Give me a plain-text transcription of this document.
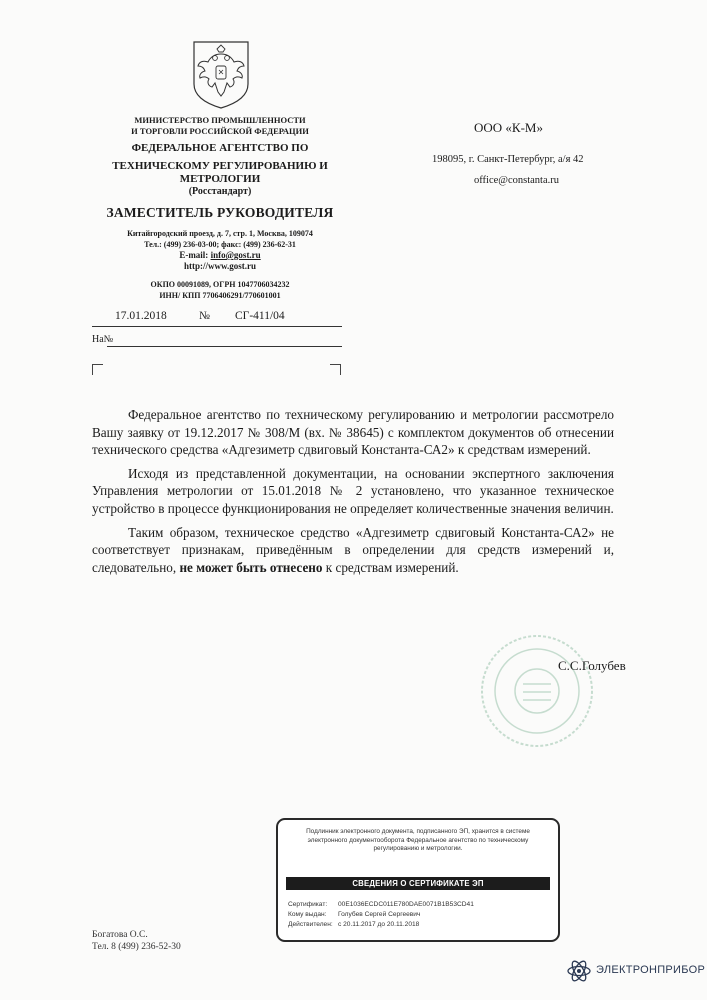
МИНИСТЕРСТВО ПРОМЫШЛЕННОСТИ
И ТОРГОВЛИ РОССИЙСКОЙ ФЕДЕРАЦИИ
ФЕДЕРАЛЬНОЕ АГЕНТСТВО ПО
ТЕХНИЧЕСКОМУ РЕГУЛИРОВАНИЮ И
МЕТРОЛОГИИ
(Росстандарт)
ЗАМЕСТИТЕЛЬ РУКОВОДИТЕЛЯ
Китайгородский проезд, д. 7, стр. 1, Москва, 109074
Тел.: (499) 236-03-00; факс: (499) 236-62-31
E-mail: info@gost.ru
http://www.gost.ru
ОКПО 00091089, ОГРН 1047706034232
ИНН/ КПП 7706406291/770601001
17.01.2018	№ СГ-411/04
На№
ООО «К-М»
198095, г. Санкт-Петербург, а/я 42
office@constanta.ru

Федеральное агентство по техническому регулированию и метрологии рассмотрело Вашу заявку от 19.12.2017 № 308/М (вх. № 38645) с комплектом документов об отнесении технического средства «Адгезиметр сдвиговый Константа-СА2» к средствам измерений.

Исходя из представленной документации, на основании экспертного заключения Управления метрологии от 15.01.2018 № 2 установлено, что указанное техническое устройство в процессе функционирования не определяет количественные значения величин.

Таким образом, техническое средство «Адгезиметр сдвиговый Константа-СА2» не соответствует признакам, приведённым в определении для средств измерений и, следовательно, не может быть отнесено к средствам измерений.

С.С.Голубев
Подлинник электронного документа, подписанного ЭП, хранится в системе электронного документооборота Федеральное агентство по техническому регулированию и метрологии.
СВЕДЕНИЯ О СЕРТИФИКАТЕ ЭП
Сертификат: 00E1036ECDC011E780DAE0071B1B53CD41
Кому выдан: Голубев Сергей Сергеевич
Действителен: с 20.11.2017 до 20.11.2018
Богатова О.С.
Тел. 8 (499) 236-52-30
ЭЛЕКТРОНПРИБОР
